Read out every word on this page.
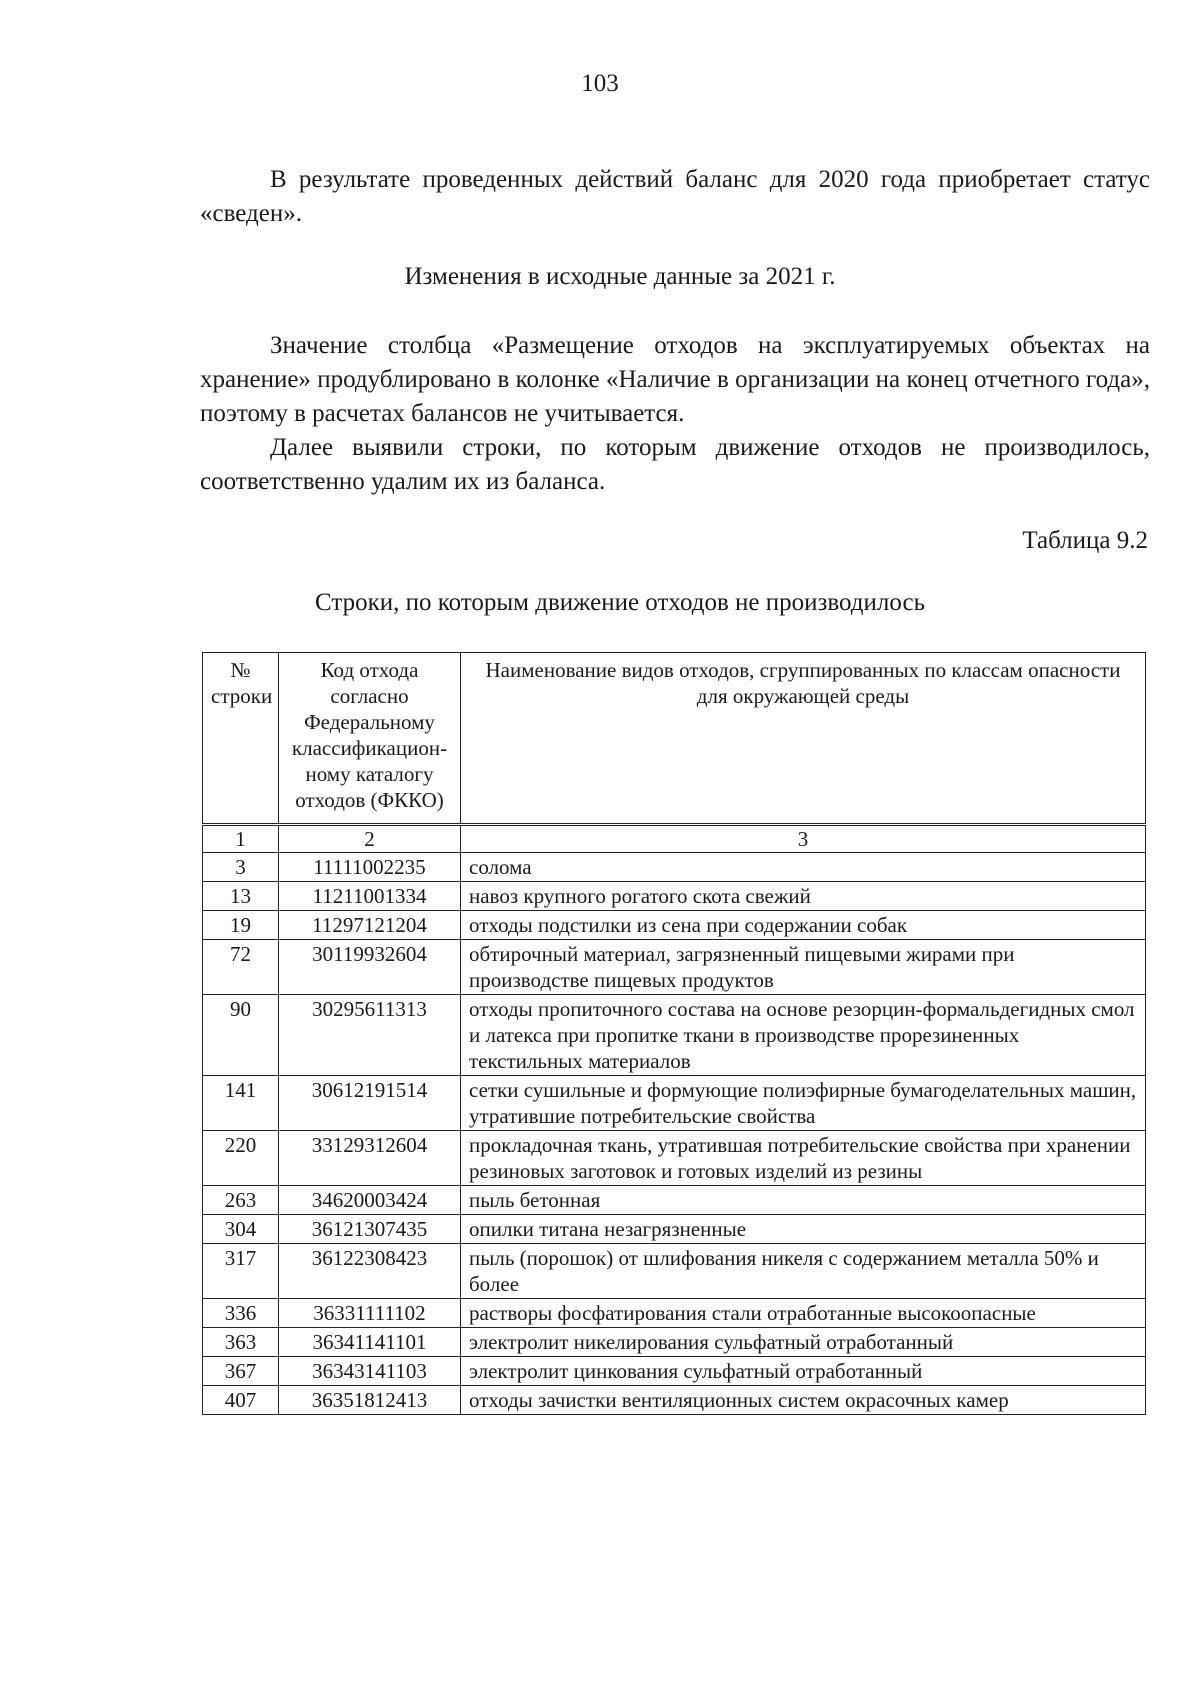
103

В результате проведенных действий баланс для 2020 года приобретает статус «сведен».

Изменения в исходные данные за 2021 г.

Значение столбца «Размещение отходов на эксплуатируемых объектах на хранение» продублировано в колонке «Наличие в организации на конец отчетного года», поэтому в расчетах балансов не учитывается.

Далее выявили строки, по которым движение отходов не производилось, соответственно удалим их из баланса.

Таблица 9.2
Строки, по которым движение отходов не производилось
№ строки	Код отхода согласно Федеральному классификацион-ному каталогу отходов (ФККО)	Наименование видов отходов, сгруппированных по классам опасности для окружающей среды
1	2	3
3	11111002235	солома
13	11211001334	навоз крупного рогатого скота свежий
19	11297121204	отходы подстилки из сена при содержании собак
72	30119932604	обтирочный материал, загрязненный пищевыми жирами при производстве пищевых продуктов
90	30295611313	отходы пропиточного состава на основе резорцин-формальдегидных смол и латекса при пропитке ткани в производстве прорезиненных текстильных материалов
141	30612191514	сетки сушильные и формующие полиэфирные бумагоделательных машин, утратившие потребительские свойства
220	33129312604	прокладочная ткань, утратившая потребительские свойства при хранении резиновых заготовок и готовых изделий из резины
263	34620003424	пыль бетонная
304	36121307435	опилки титана незагрязненные
317	36122308423	пыль (порошок) от шлифования никеля с содержанием металла 50% и более
336	36331111102	растворы фосфатирования стали отработанные высокоопасные
363	36341141101	электролит никелирования сульфатный отработанный
367	36343141103	электролит цинкования сульфатный отработанный
407	36351812413	отходы зачистки вентиляционных систем окрасочных камер
